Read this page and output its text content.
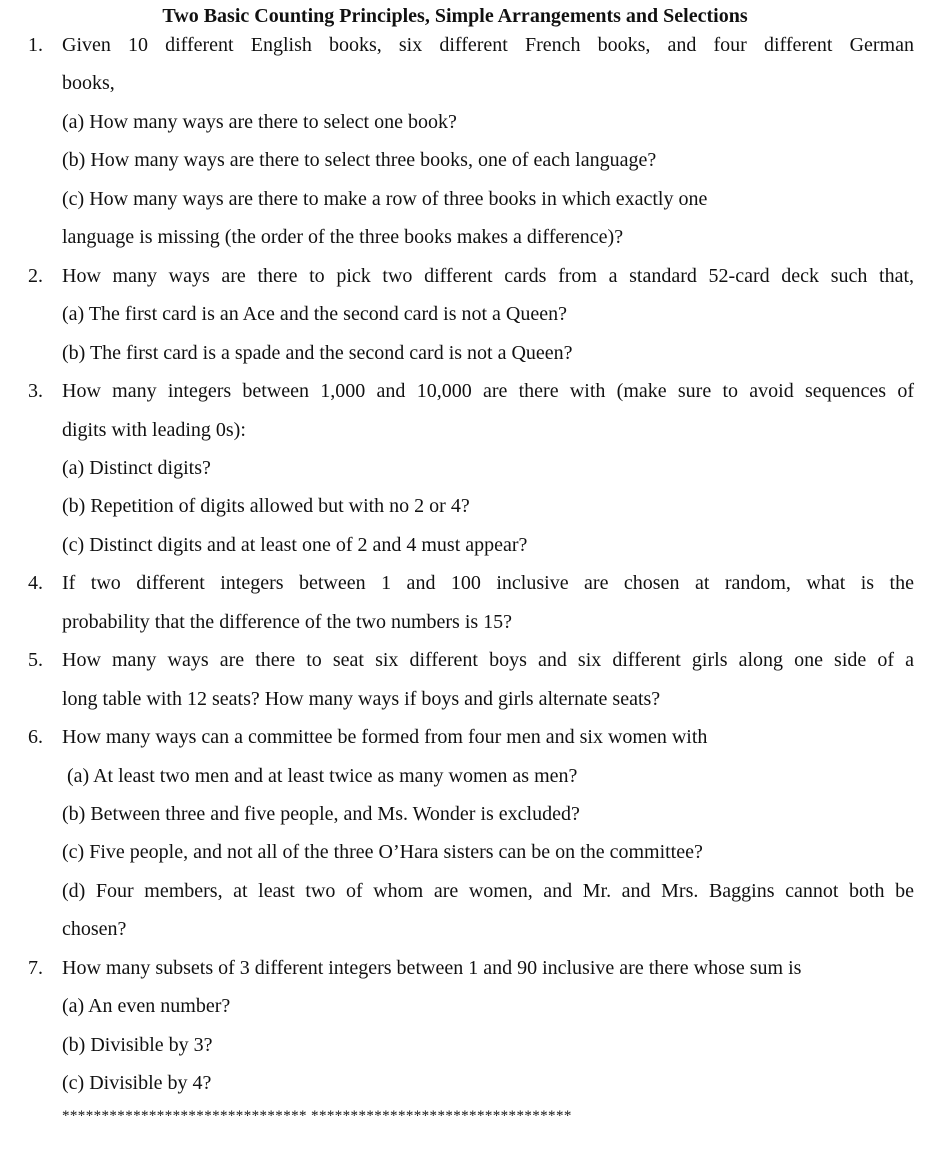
Two Basic Counting Principles, Simple Arrangements and Selections
1. Given 10 different English books, six different French books, and four different German
books,
(a) How many ways are there to select one book?
(b) How many ways are there to select three books, one of each language?
(c) How many ways are there to make a row of three books in which exactly one
language is missing (the order of the three books makes a difference)?
2. How many ways are there to pick two different cards from a standard 52-card deck such that,
(a) The first card is an Ace and the second card is not a Queen?
(b) The first card is a spade and the second card is not a Queen?
3. How many integers between 1,000 and 10,000 are there with (make sure to avoid sequences of
digits with leading 0s):
(a) Distinct digits?
(b) Repetition of digits allowed but with no 2 or 4?
(c) Distinct digits and at least one of 2 and 4 must appear?
4. If two different integers between 1 and 100 inclusive are chosen at random, what is the
probability that the difference of the two numbers is 15?
5. How many ways are there to seat six different boys and six different girls along one side of a
long table with 12 seats? How many ways if boys and girls alternate seats?
6. How many ways can a committee be formed from four men and six women with
(a) At least two men and at least twice as many women as men?
(b) Between three and five people, and Ms. Wonder is excluded?
(c) Five people, and not all of the three O’Hara sisters can be on the committee?
(d) Four members, at least two of whom are women, and Mr. and Mrs. Baggins cannot both be
chosen?
7. How many subsets of 3 different integers between 1 and 90 inclusive are there whose sum is
(a) An even number?
(b) Divisible by 3?
(c) Divisible by 4?
******************************* *********************************
